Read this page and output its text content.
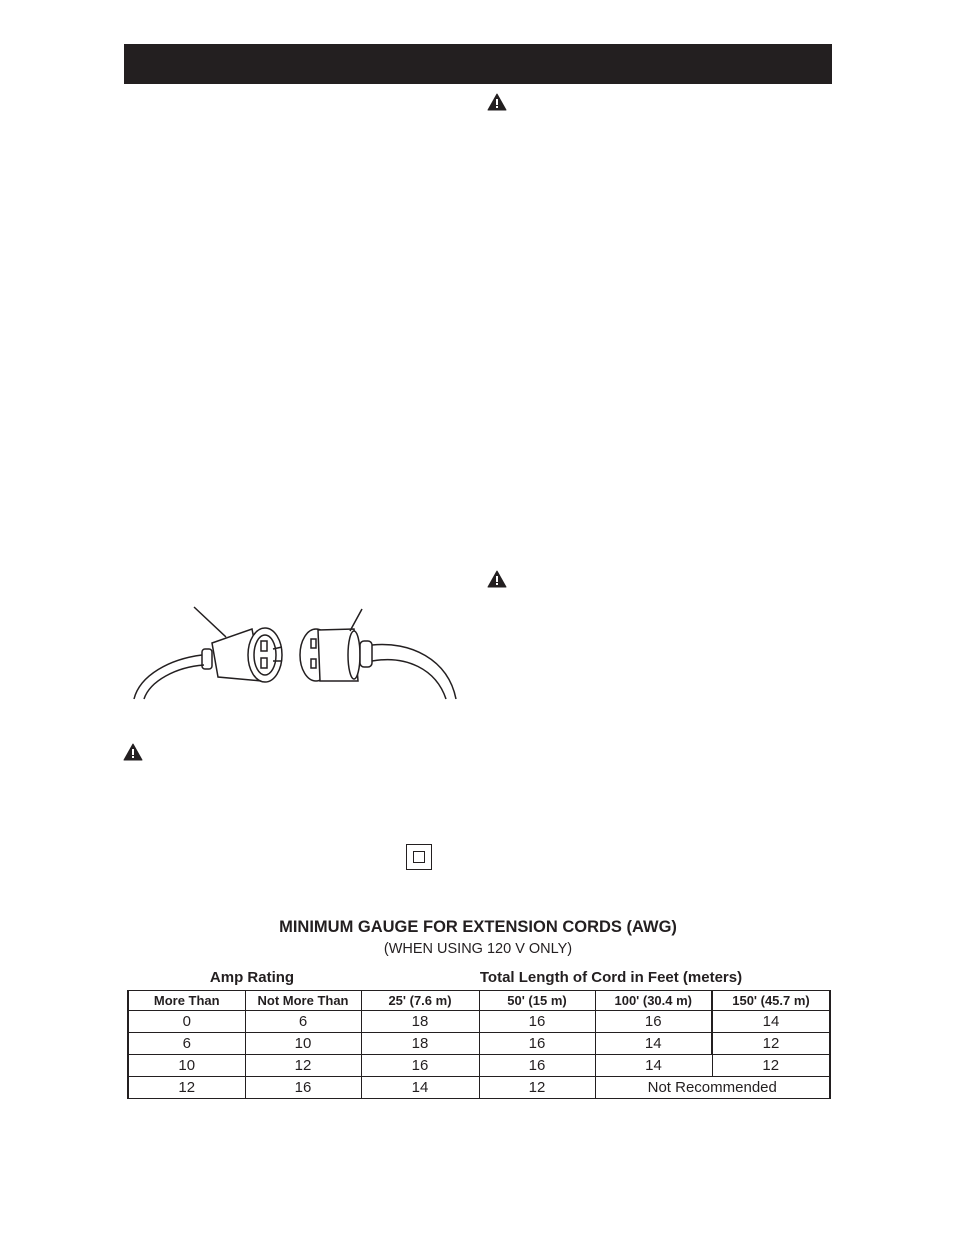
MINIMUM GAUGE FOR EXTENSION CORDS (AWG)
(WHEN USING 120 V ONLY)
Amp Rating	Total Length of Cord in Feet (meters)
More Than	Not More Than	25' (7.6 m)	50' (15 m)	100' (30.4 m)	150' (45.7 m)
0	6	18	16	16	14
6	10	18	16	14	12
10	12	16	16	14	12
12	16	14	12	Not Recommended	
